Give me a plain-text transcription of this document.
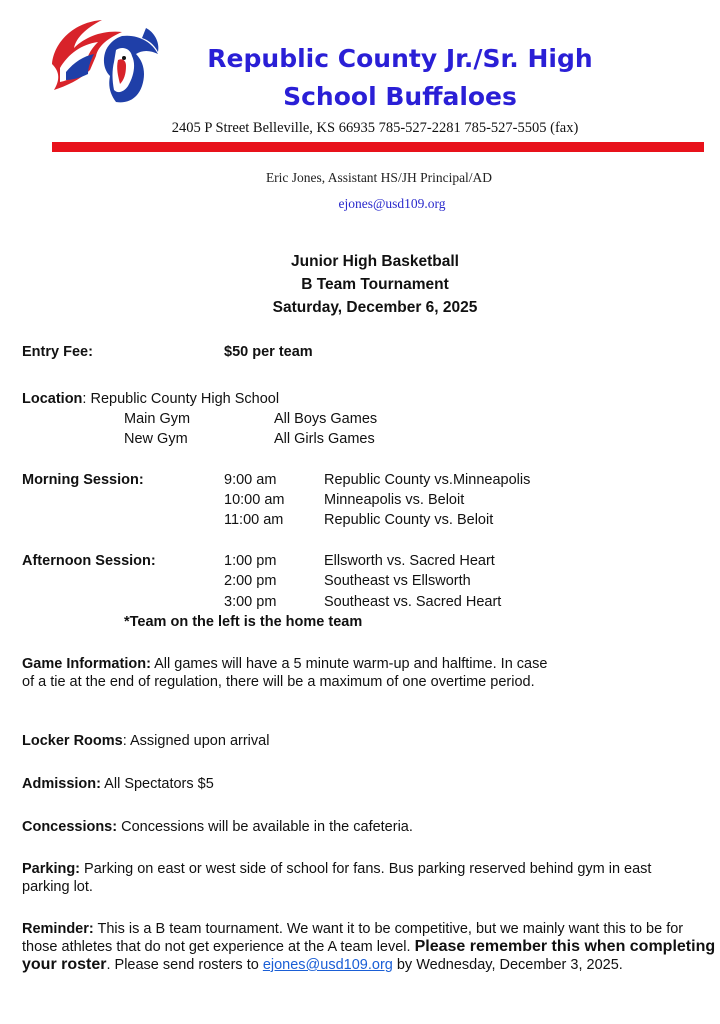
Republic County Jr./Sr. High
School Buffaloes
2405 P Street Belleville, KS 66935 785-527-2281 785-527-5505 (fax)
Eric Jones, Assistant HS/JH Principal/AD
ejones@usd109.org
Junior High Basketball
B Team Tournament
Saturday, December 6, 2025
Entry Fee:	$50 per team
Location: Republic County High School
Main Gym	All Boys Games
New Gym	All Girls Games
Morning Session:	9:00 am	Republic County vs.Minneapolis
10:00 am	Minneapolis vs. Beloit
11:00 am	Republic County vs. Beloit
Afternoon Session:	1:00 pm	Ellsworth vs. Sacred Heart
2:00 pm	Southeast vs Ellsworth
3:00 pm	Southeast vs. Sacred Heart
*Team on the left is the home team
Game Information: All games will have a 5 minute warm-up and halftime. In case of a tie at the end of regulation, there will be a maximum of one overtime period.
Locker Rooms: Assigned upon arrival
Admission: All Spectators $5
Concessions: Concessions will be available in the cafeteria.
Parking: Parking on east or west side of school for fans. Bus parking reserved behind gym in east parking lot.
Reminder: This is a B team tournament. We want it to be competitive, but we mainly want this to be for those athletes that do not get experience at the A team level. Please remember this when completing your roster. Please send rosters to ejones@usd109.org by Wednesday, December 3, 2025.
